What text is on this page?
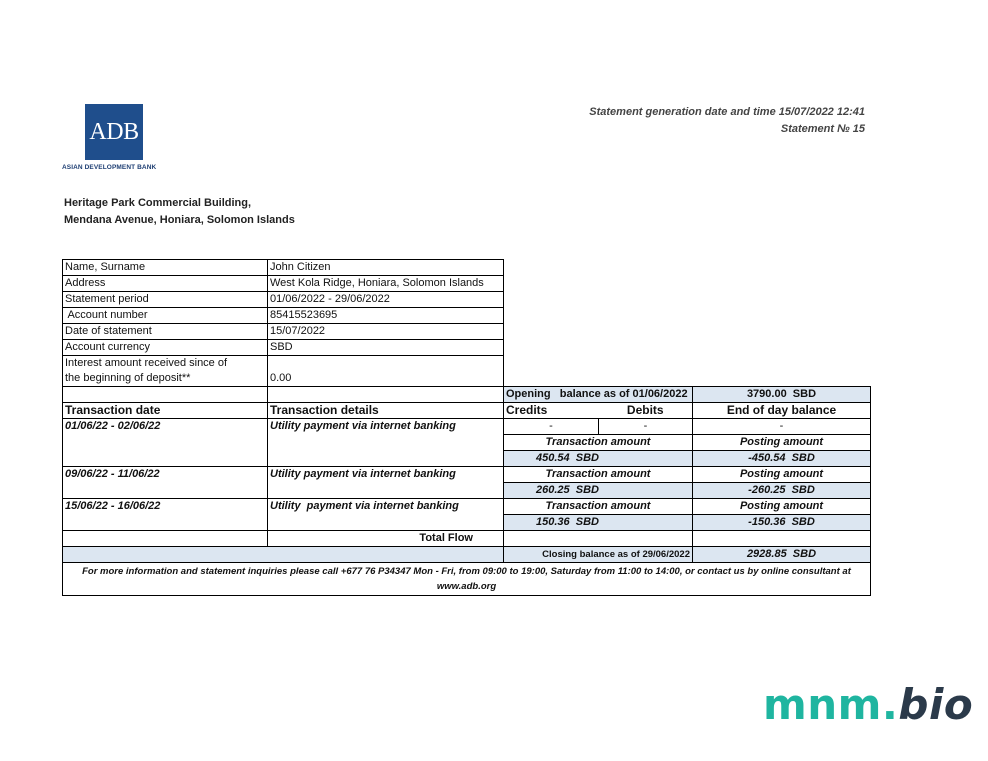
ADB
ASIAN DEVELOPMENT BANK
Statement generation date and time 15/07/2022 12:41
Statement № 15
Heritage Park Commercial Building,
Mendana Avenue, Honiara, Solomon Islands
Name, Surname	John Citizen			
Address	West Kola Ridge, Honiara, Solomon Islands			
Statement period	01/06/2022 - 29/06/2022			
Account number	85415523695			
Date of statement	15/07/2022			
Account currency	SBD			
Interest amount received since of				
the beginning of deposit**	0.00			
		Opening   balance as of 01/06/2022		3790.00  SBD
Transaction date	Transaction details	Credits	Debits	End of day balance
01/06/22 - 02/06/22	Utility payment via internet banking	-	-	-
		Transaction amount		Posting amount
		450.54  SBD		-450.54  SBD
09/06/22 - 11/06/22	Utility payment via internet banking	Transaction amount		Posting amount
		260.25  SBD		-260.25  SBD
15/06/22 - 16/06/22	Utility  payment via internet banking	Transaction amount		Posting amount
		150.36  SBD		-150.36  SBD
	Total Flow			
		Closing balance as of 29/06/2022		2928.85  SBD
For more information and statement inquiries please call +677 76 P34347 Mon - Fri, from 09:00 to 19:00, Saturday from 11:00 to 14:00, or contact us by online consultant at www.adb.org				
mnm.bio
